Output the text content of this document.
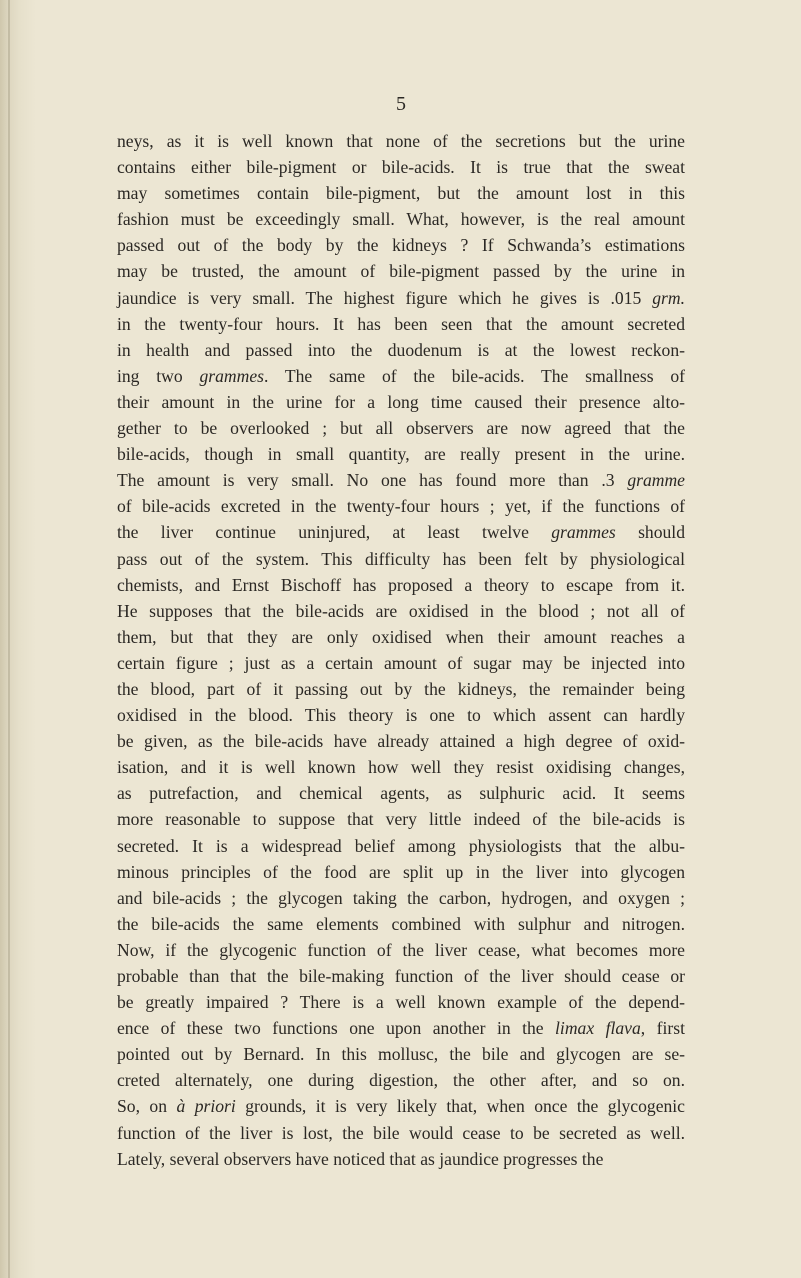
5
neys, as it is well known that none of the secretions but the urine
contains either bile-pigment or bile-acids. It is true that the sweat
may sometimes contain bile-pigment, but the amount lost in this
fashion must be exceedingly small. What, however, is the real amount
passed out of the body by the kidneys ? If Schwanda’s estimations
may be trusted, the amount of bile-pigment passed by the urine in
jaundice is very small. The highest figure which he gives is .015 grm.
in the twenty-four hours. It has been seen that the amount secreted
in health and passed into the duodenum is at the lowest reckon-
ing two grammes. The same of the bile-acids. The smallness of
their amount in the urine for a long time caused their presence alto-
gether to be overlooked ; but all observers are now agreed that the
bile-acids, though in small quantity, are really present in the urine.
The amount is very small. No one has found more than .3 gramme
of bile-acids excreted in the twenty-four hours ; yet, if the functions of
the liver continue uninjured, at least twelve grammes should
pass out of the system. This difficulty has been felt by physiological
chemists, and Ernst Bischoff has proposed a theory to escape from it.
He supposes that the bile-acids are oxidised in the blood ; not all of
them, but that they are only oxidised when their amount reaches a
certain figure ; just as a certain amount of sugar may be injected into
the blood, part of it passing out by the kidneys, the remainder being
oxidised in the blood. This theory is one to which assent can hardly
be given, as the bile-acids have already attained a high degree of oxid-
isation, and it is well known how well they resist oxidising changes,
as putrefaction, and chemical agents, as sulphuric acid. It seems
more reasonable to suppose that very little indeed of the bile-acids is
secreted. It is a widespread belief among physiologists that the albu-
minous principles of the food are split up in the liver into glycogen
and bile-acids ; the glycogen taking the carbon, hydrogen, and oxygen ;
the bile-acids the same elements combined with sulphur and nitrogen.
Now, if the glycogenic function of the liver cease, what becomes more
probable than that the bile-making function of the liver should cease or
be greatly impaired ? There is a well known example of the depend-
ence of these two functions one upon another in the limax flava, first
pointed out by Bernard. In this mollusc, the bile and glycogen are se-
creted alternately, one during digestion, the other after, and so on.
So, on à priori grounds, it is very likely that, when once the glycogenic
function of the liver is lost, the bile would cease to be secreted as well.
Lately, several observers have noticed that as jaundice progresses the
